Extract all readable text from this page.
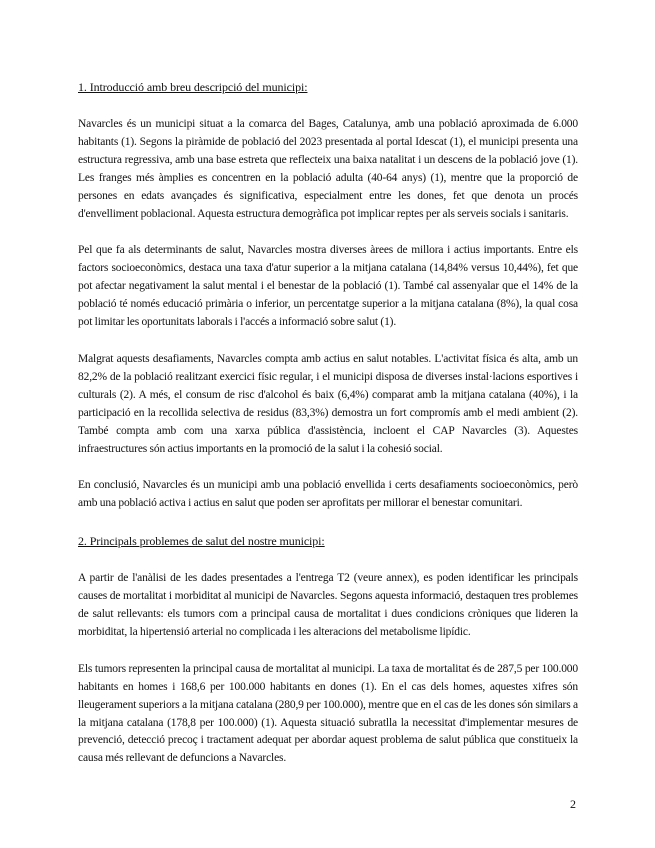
1. Introducció amb breu descripció del municipi:

Navarcles és un municipi situat a la comarca del Bages, Catalunya, amb una població aproximada de 6.000 habitants (1). Segons la piràmide de població del 2023 presentada al portal Idescat (1), el municipi presenta una estructura regressiva, amb una base estreta que reflecteix una baixa natalitat i un descens de la població jove (1). Les franges més àmplies es concentren en la població adulta (40-64 anys) (1), mentre que la proporció de persones en edats avançades és significativa, especialment entre les dones, fet que denota un procés d'envelliment poblacional. Aquesta estructura demogràfica pot implicar reptes per als serveis socials i sanitaris.

Pel que fa als determinants de salut, Navarcles mostra diverses àrees de millora i actius importants. Entre els factors socioeconòmics, destaca una taxa d'atur superior a la mitjana catalana (14,84% versus 10,44%), fet que pot afectar negativament la salut mental i el benestar de la població (1). També cal assenyalar que el 14% de la població té només educació primària o inferior, un percentatge superior a la mitjana catalana (8%), la qual cosa pot limitar les oportunitats laborals i l'accés a informació sobre salut (1).

Malgrat aquests desafiaments, Navarcles compta amb actius en salut notables. L'activitat física és alta, amb un 82,2% de la població realitzant exercici físic regular, i el municipi disposa de diverses instal·lacions esportives i culturals (2). A més, el consum de risc d'alcohol és baix (6,4%) comparat amb la mitjana catalana (40%), i la participació en la recollida selectiva de residus (83,3%) demostra un fort compromís amb el medi ambient (2). També compta amb com una xarxa pública d'assistència, incloent el CAP Navarcles (3). Aquestes infraestructures són actius importants en la promoció de la salut i la cohesió social.

En conclusió, Navarcles és un municipi amb una població envellida i certs desafiaments socioeconòmics, però amb una població activa i actius en salut que poden ser aprofitats per millorar el benestar comunitari.

2. Principals problemes de salut del nostre municipi:

A partir de l'anàlisi de les dades presentades a l'entrega T2 (veure annex), es poden identificar les principals causes de mortalitat i morbiditat al municipi de Navarcles. Segons aquesta informació, destaquen tres problemes de salut rellevants: els tumors com a principal causa de mortalitat i dues condicions cròniques que lideren la morbiditat, la hipertensió arterial no complicada i les alteracions del metabolisme lipídic.

Els tumors representen la principal causa de mortalitat al municipi. La taxa de mortalitat és de 287,5 per 100.000 habitants en homes i 168,6 per 100.000 habitants en dones (1). En el cas dels homes, aquestes xifres són lleugerament superiors a la mitjana catalana (280,9 per 100.000), mentre que en el cas de les dones són similars a la mitjana catalana (178,8 per 100.000) (1). Aquesta situació subratlla la necessitat d'implementar mesures de prevenció, detecció precoç i tractament adequat per abordar aquest problema de salut pública que constitueix la causa més rellevant de defuncions a Navarcles.

2
